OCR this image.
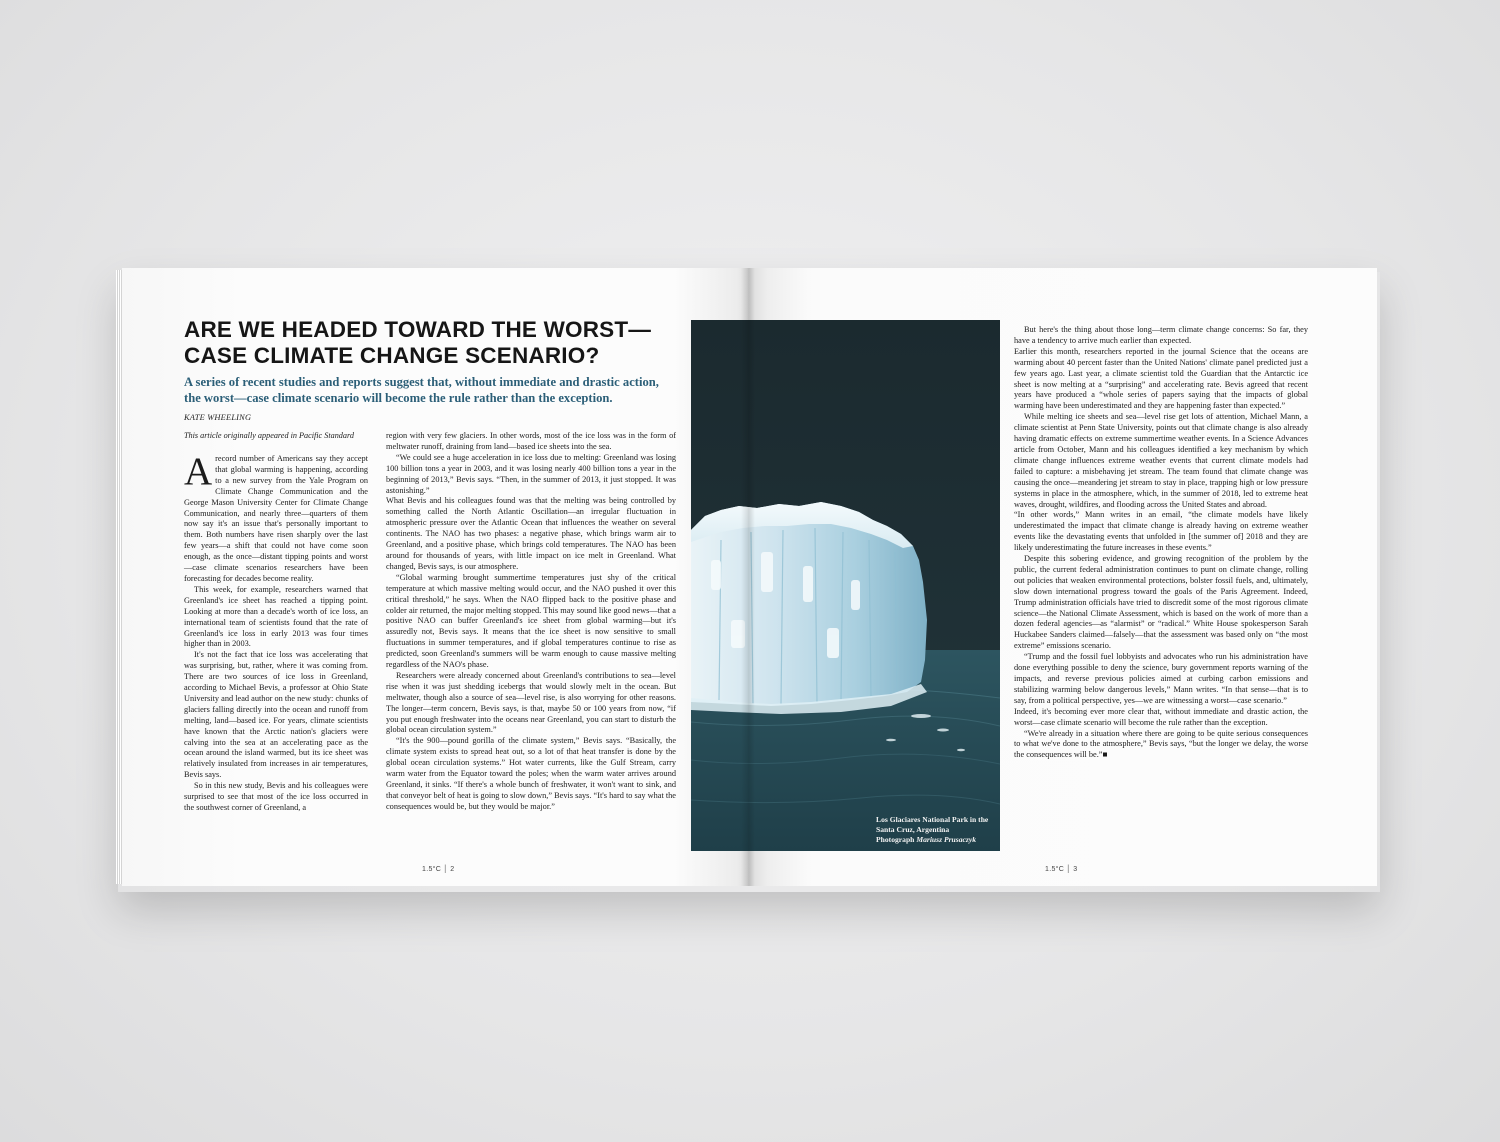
ARE WE HEADED TOWARD THE WORST—CASE CLIMATE CHANGE SCENARIO?

A series of recent studies and reports suggest that, without immediate and drastic action, the worst—case climate scenario will become the rule rather than the exception.

KATE WHEELING
This article originally appeared in Pacific Standard

Arecord number of Americans say they accept that global warming is happening, according to a new survey from the Yale Program on Climate Change Communication and the George Mason University Center for Climate Change Communication, and nearly three—quarters of them now say it's an issue that's personally important to them. Both numbers have risen sharply over the last few years—a shift that could not have come soon enough, as the once—distant tipping points and worst—case climate scenarios researchers have been forecasting for decades become reality.

This week, for example, researchers warned that Greenland's ice sheet has reached a tipping point. Looking at more than a decade's worth of ice loss, an international team of scientists found that the rate of Greenland's ice loss in early 2013 was four times higher than in 2003.

It's not the fact that ice loss was accelerating that was surprising, but, rather, where it was coming from. There are two sources of ice loss in Greenland, according to Michael Bevis, a professor at Ohio State University and lead author on the new study: chunks of glaciers falling directly into the ocean and runoff from melting, land—based ice. For years, climate scientists have known that the Arctic nation's glaciers were calving into the sea at an accelerating pace as the ocean around the island warmed, but its ice sheet was relatively insulated from increases in air temperatures, Bevis says.

So in this new study, Bevis and his colleagues were surprised to see that most of the ice loss occurred in the southwest corner of Greenland, a

region with very few glaciers. In other words, most of the ice loss was in the form of meltwater runoff, draining from land—based ice sheets into the sea.

“We could see a huge acceleration in ice loss due to melting: Greenland was losing 100 billion tons a year in 2003, and it was losing nearly 400 billion tons a year in the beginning of 2013,” Bevis says. “Then, in the summer of 2013, it just stopped. It was astonishing.”

What Bevis and his colleagues found was that the melting was being controlled by something called the North Atlantic Oscillation—an irregular fluctuation in atmospheric pressure over the Atlantic Ocean that influences the weather on several continents. The NAO has two phases: a negative phase, which brings warm air to Greenland, and a positive phase, which brings cold temperatures. The NAO has been around for thousands of years, with little impact on ice melt in Greenland. What changed, Bevis says, is our atmosphere.

“Global warming brought summertime temperatures just shy of the critical temperature at which massive melting would occur, and the NAO pushed it over this critical threshold,” he says. When the NAO flipped back to the positive phase and colder air returned, the major melting stopped. This may sound like good news—that a positive NAO can buffer Greenland's ice sheet from global warming—but it's assuredly not, Bevis says. It means that the ice sheet is now sensitive to small fluctuations in summer temperatures, and if global temperatures continue to rise as predicted, soon Greenland's summers will be warm enough to cause massive melting regardless of the NAO's phase.

Researchers were already concerned about Greenland's contributions to sea—level rise when it was just shedding icebergs that would slowly melt in the ocean. But meltwater, though also a source of sea—level rise, is also worrying for other reasons. The longer—term concern, Bevis says, is that, maybe 50 or 100 years from now, “if you put enough freshwater into the oceans near Greenland, you can start to disturb the global ocean circulation system.”

“It's the 900—pound gorilla of the climate system,” Bevis says. “Basically, the climate system exists to spread heat out, so a lot of that heat transfer is done by the global ocean circulation systems.” Hot water currents, like the Gulf Stream, carry warm water from the Equator toward the poles; when the warm water arrives around Greenland, it sinks. “If there's a whole bunch of freshwater, it won't want to sink, and that conveyor belt of heat is going to slow down,” Bevis says. “It's hard to say what the consequences would be, but they would be major.”

1.5°C │ 2

But here's the thing about those long—term climate change concerns: So far, they have a tendency to arrive much earlier than expected.

Earlier this month, researchers reported in the journal Science that the oceans are warming about 40 percent faster than the United Nations' climate panel predicted just a few years ago. Last year, a climate scientist told the Guardian that the Antarctic ice sheet is now melting at a “surprising” and accelerating rate. Bevis agreed that recent years have produced a “whole series of papers saying that the impacts of global warming have been underestimated and they are happening faster than expected.”

While melting ice sheets and sea—level rise get lots of attention, Michael Mann, a climate scientist at Penn State University, points out that climate change is also already having dramatic effects on extreme summertime weather events. In a Science Advances article from October, Mann and his colleagues identified a key mechanism by which climate change influences extreme weather events that current climate models had failed to capture: a misbehaving jet stream. The team found that climate change was causing the once—meandering jet stream to stay in place, trapping high or low pressure systems in place in the atmosphere, which, in the summer of 2018, led to extreme heat waves, drought, wildfires, and flooding across the United States and abroad.

“In other words,” Mann writes in an email, “the climate models have likely underestimated the impact that climate change is already having on extreme weather events like the devastating events that unfolded in [the summer of] 2018 and they are likely underestimating the future increases in these events.”

Despite this sobering evidence, and growing recognition of the problem by the public, the current federal administration continues to punt on climate change, rolling out policies that weaken environmental protections, bolster fossil fuels, and, ultimately, slow down international progress toward the goals of the Paris Agreement. Indeed, Trump administration officials have tried to discredit some of the most rigorous climate science—the National Climate Assessment, which is based on the work of more than a dozen federal agencies—as “alarmist” or “radical.” White House spokesperson Sarah Huckabee Sanders claimed—falsely—that the assessment was based only on “the most extreme” emissions scenario.

“Trump and the fossil fuel lobbyists and advocates who run his administration have done everything possible to deny the science, bury government reports warning of the impacts, and reverse previous policies aimed at curbing carbon emissions and stabilizing warming below dangerous levels,” Mann writes. “In that sense—that is to say, from a political perspective, yes—we are witnessing a worst—case scenario.”

Indeed, it's becoming ever more clear that, without immediate and drastic action, the worst—case climate scenario will become the rule rather than the exception.

“We're already in a situation where there are going to be quite serious consequences to what we've done to the atmosphere,” Bevis says, “but the longer we delay, the worse the consequences will be.”■

1.5°C │ 3
Los Glaciares National Park in the Santa Cruz, Argentina
Photograph Mariusz Prusaczyk
